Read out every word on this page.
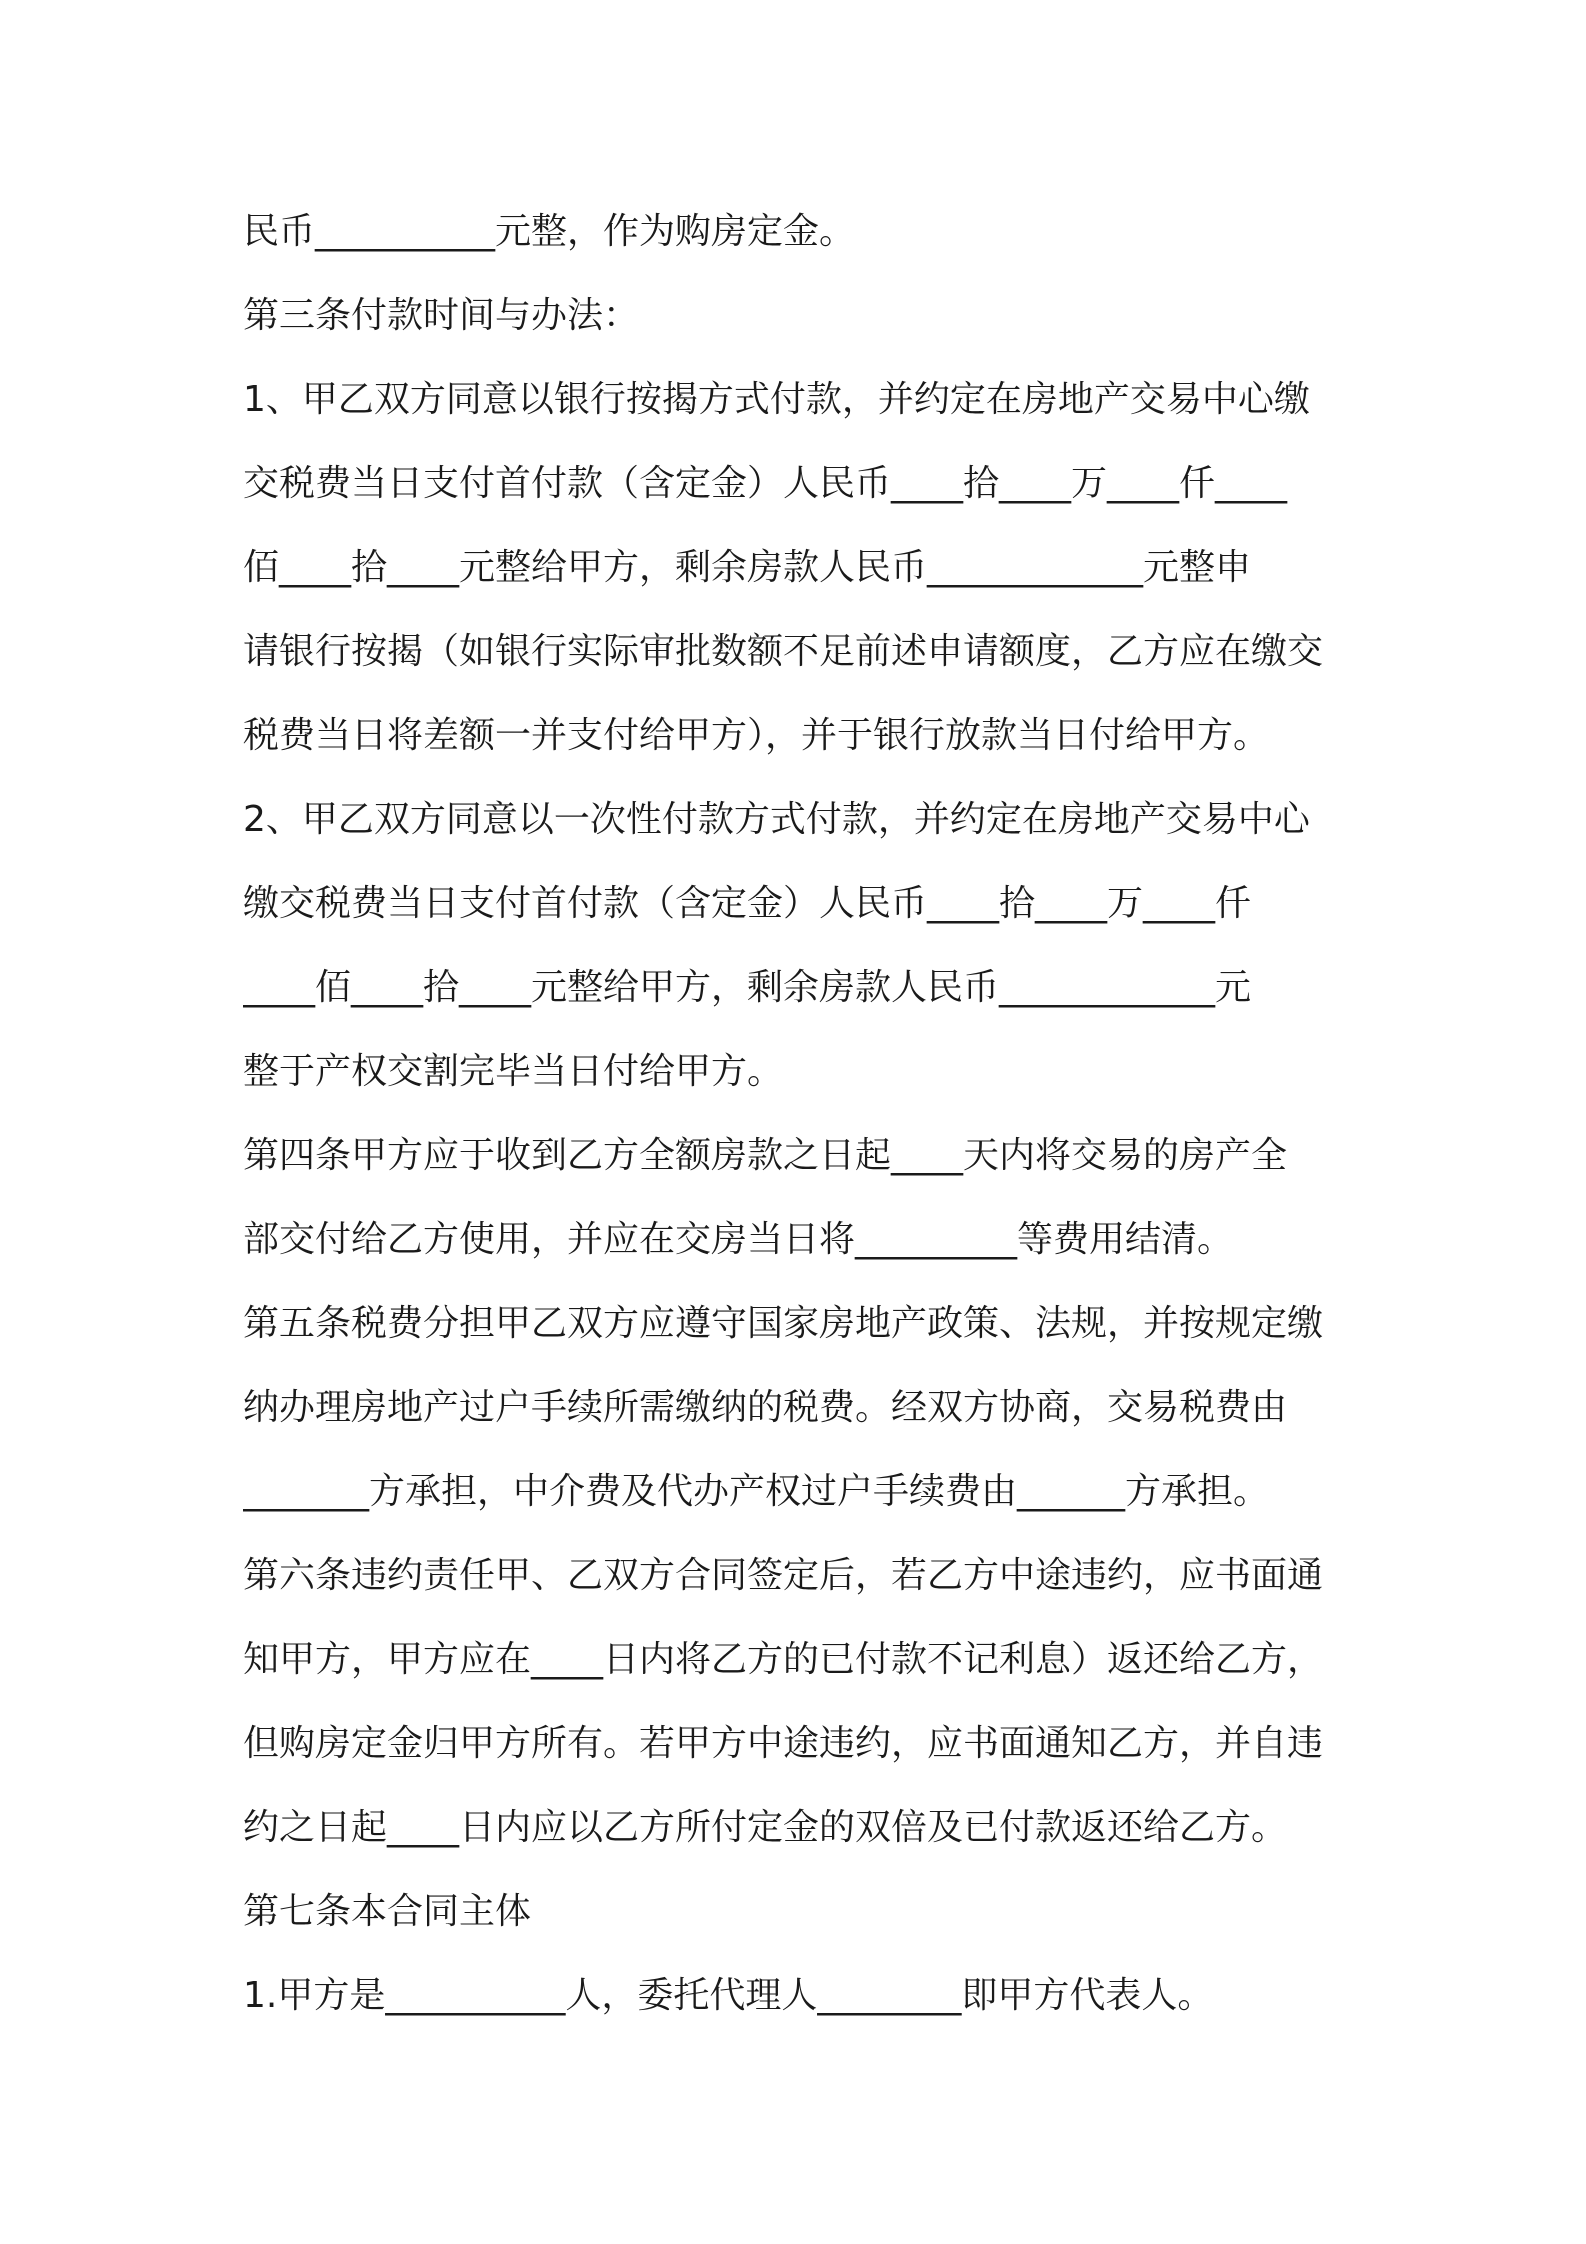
民币__________元整，作为购房定金。
第三条付款时间与办法：
1、甲乙双方同意以银行按揭方式付款，并约定在房地产交易中心缴
交税费当日支付首付款（含定金）人民币____拾____万____仟____
佰____拾____元整给甲方，剩余房款人民币____________元整申
请银行按揭（如银行实际审批数额不足前述申请额度，乙方应在缴交
税费当日将差额一并支付给甲方），并于银行放款当日付给甲方。
2、甲乙双方同意以一次性付款方式付款，并约定在房地产交易中心
缴交税费当日支付首付款（含定金）人民币____拾____万____仟
____佰____拾____元整给甲方，剩余房款人民币____________元
整于产权交割完毕当日付给甲方。
第四条甲方应于收到乙方全额房款之日起____天内将交易的房产全
部交付给乙方使用，并应在交房当日将_________等费用结清。
第五条税费分担甲乙双方应遵守国家房地产政策、法规，并按规定缴
纳办理房地产过户手续所需缴纳的税费。经双方协商，交易税费由
_______方承担，中介费及代办产权过户手续费由______方承担。
第六条违约责任甲、乙双方合同签定后，若乙方中途违约，应书面通
知甲方，甲方应在____日内将乙方的已付款不记利息）返还给乙方，
但购房定金归甲方所有。若甲方中途违约，应书面通知乙方，并自违
约之日起____日内应以乙方所付定金的双倍及已付款返还给乙方。
第七条本合同主体
1.甲方是__________人，委托代理人________即甲方代表人。
